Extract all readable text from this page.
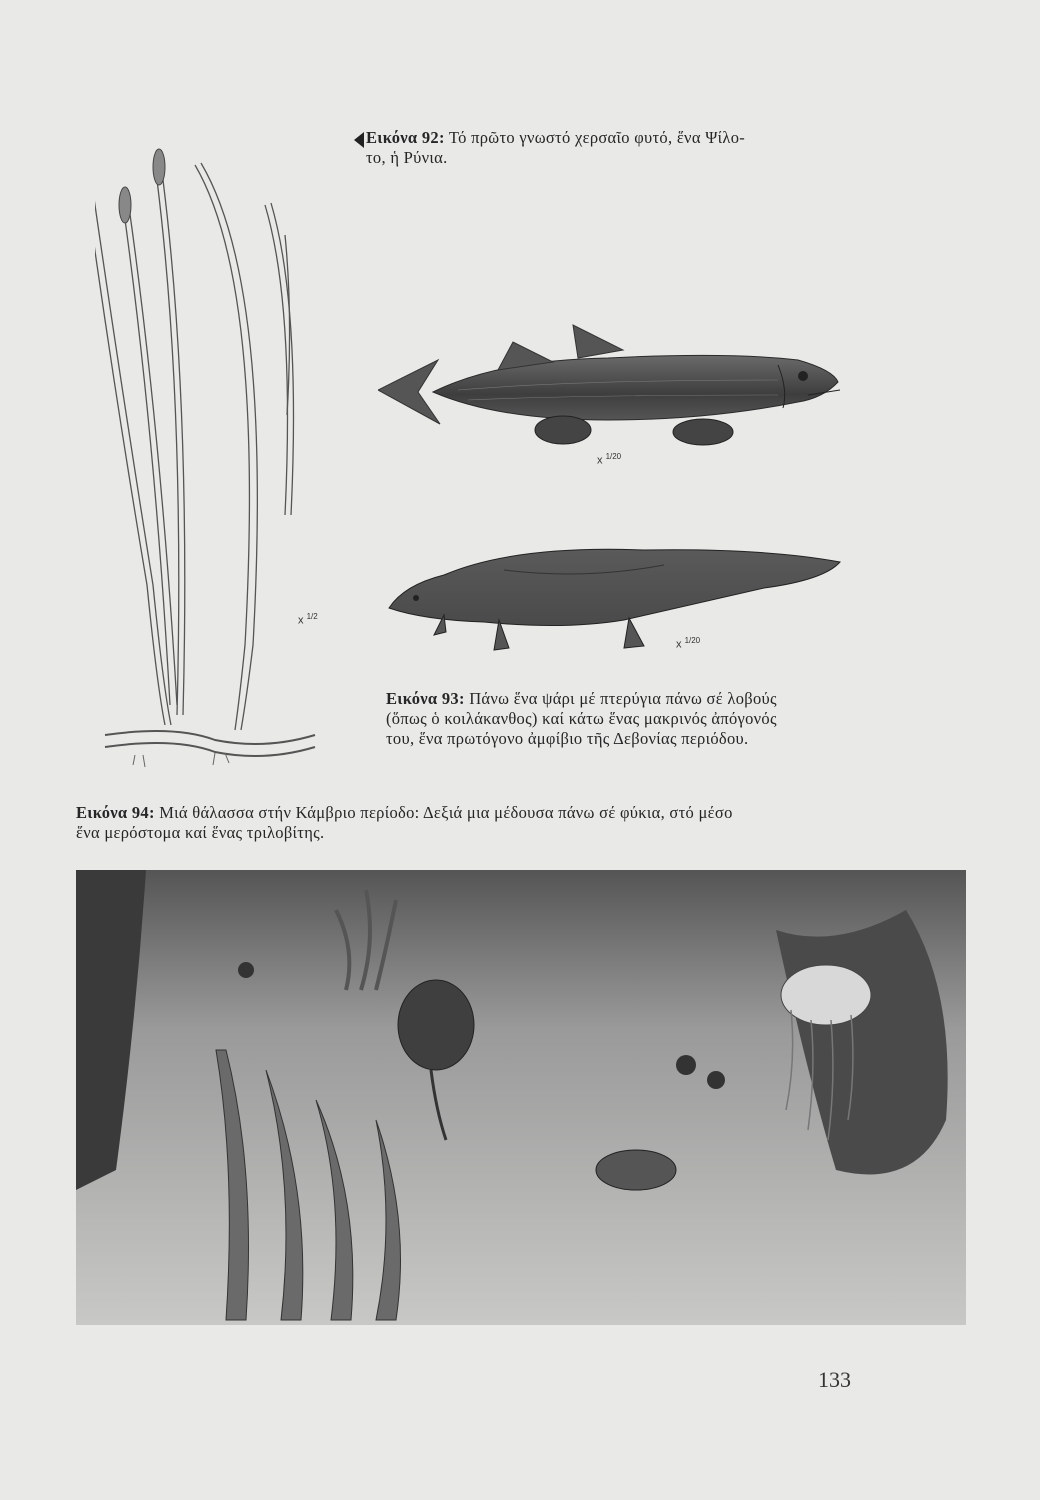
x $^{1/2}$
Εικόνα 92: Τό πρῶτο γνωστό χερσαῖο φυτό, ἕνα Ψίλο-
το, ἡ Ρύνια.
x $^{1/20}$
x $^{1/20}$
Εικόνα 93: Πάνω ἕνα ψάρι μέ πτερύγια πάνω σέ λοβούς
(ὅπως ὁ κοιλάκανθος) καί κάτω ἕνας μακρινός ἀπόγονός
του, ἕνα πρωτόγονο ἀμφίβιο τῆς Δεβονίας περιόδου.
Εικόνα 94: Μιά θάλασσα στήν Κάμβριο περίοδο: Δεξιά μια μέδουσα πάνω σέ φύκια, στό μέσο
ἕνα μερόστομα καί ἕνας τριλοβίτης.
133
